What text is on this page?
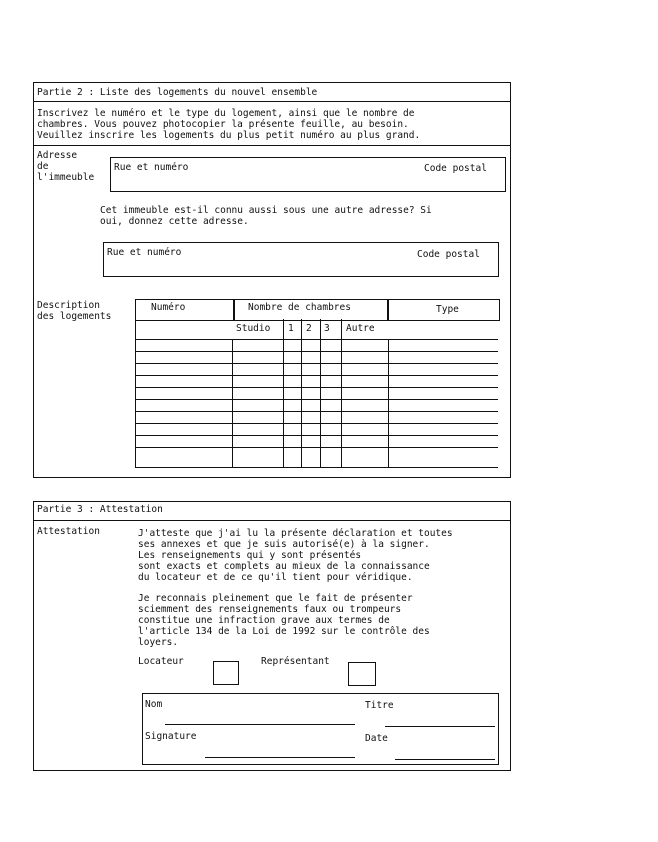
Partie 2 : Liste des logements du nouvel ensemble
Inscrivez le numéro et le type du logement, ainsi que le nombre de
chambres. Vous pouvez photocopier la présente feuille, au besoin.
Veuillez inscrire les logements du plus petit numéro au plus grand.
Adresse
de
l'immeuble
Rue et numéro	Code postal
Cet immeuble est-il connu aussi sous une autre adresse? Si
oui, donnez cette adresse.
Rue et numéro	Code postal
Description
des logements
Numéro	Nombre de chambres	Type
Studio 1 2 3 Autre
Partie 3 : Attestation
Attestation	J'atteste que j'ai lu la présente déclaration et toutes
ses annexes et que je suis autorisé(e) à la signer.
Les renseignements qui y sont présentés
sont exacts et complets au mieux de la connaissance
du locateur et de ce qu'il tient pour véridique.
Je reconnais pleinement que le fait de présenter
sciemment des renseignements faux ou trompeurs
constitue une infraction grave aux termes de
l'article 134 de la Loi de 1992 sur le contrôle des
loyers.
Locateur	Représentant
Nom	Titre
Signature	Date
